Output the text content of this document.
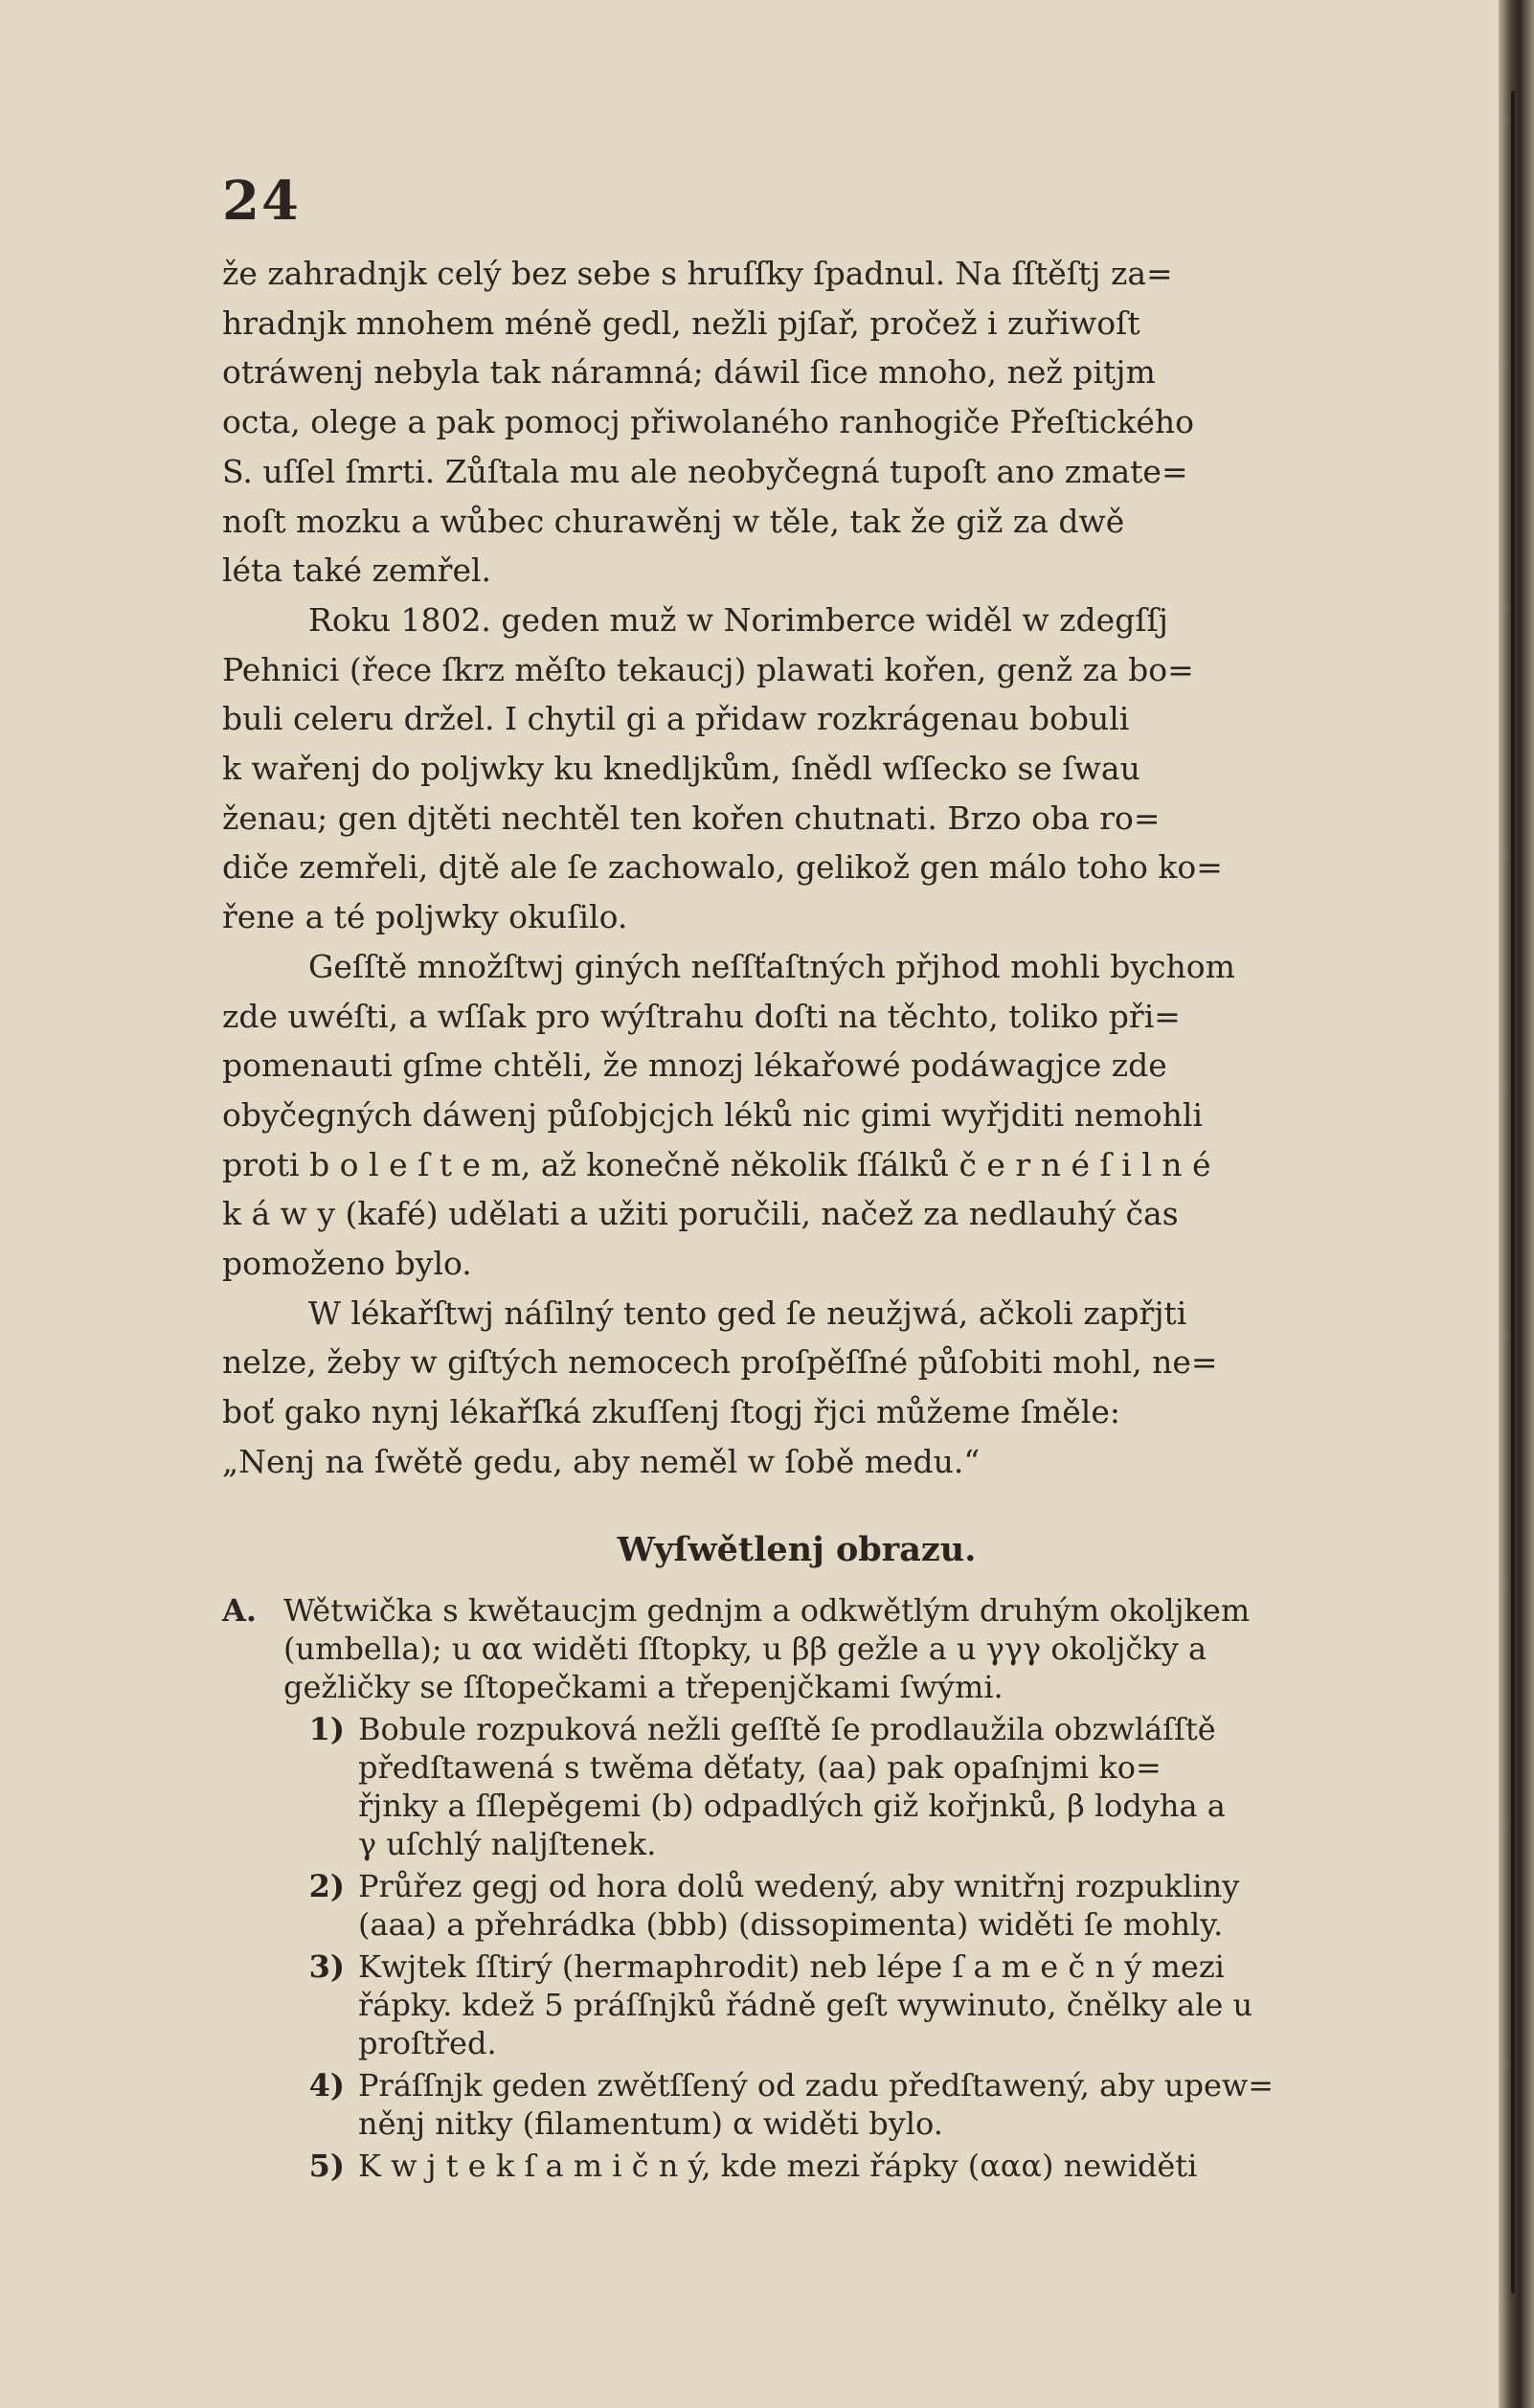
24

že zahradnjk celý bez sebe s hruſſky ſpadnul. Na ſſtěſtj za=
hradnjk mnohem méně gedl, nežli pjſař, pročež i zuřiwoſt
otráwenj nebyla tak náramná; dáwil ſice mnoho, než pitjm
octa, olege a pak pomocj přiwolaného ranhogiče Přeſtického
S. uſſel ſmrti. Zůſtala mu ale neobyčegná tupoſt ano zmate=
noſt mozku a wůbec churawěnj w těle, tak že giž za dwě
léta také zemřel.

Roku 1802. geden muž w Norimberce widěl w zdegſſj
Pehnici (řece ſkrz měſto tekaucj) plawati kořen, genž za bo=
buli celeru držel. I chytil gi a přidaw rozkrágenau bobuli
k wařenj do poljwky ku knedljkům, ſnědl wſſecko se ſwau
ženau; gen djtěti nechtěl ten kořen chutnati. Brzo oba ro=
diče zemřeli, djtě ale ſe zachowalo, gelikož gen málo toho ko=
řene a té poljwky okuſilo.

Geſſtě množſtwj giných neſſťaſtných přjhod mohli bychom
zde uwéſti, a wſſak pro wýſtrahu doſti na těchto, toliko při=
pomenauti gſme chtěli, že mnozj lékařowé podáwagjce zde
obyčegných dáwenj půſobjcjch léků nic gimi wyřjditi nemohli
proti b o l e ſ t e m, až konečně několik ſſálků č e r n é ſ i l n é
k á w y (kafé) udělati a užiti poručili, načež za nedlauhý čas
pomoženo bylo.

W lékařſtwj náſilný tento ged ſe neužjwá, ačkoli zapřjti
nelze, žeby w giſtých nemocech proſpěſſné půſobiti mohl, ne=
boť gako nynj lékařſká zkuſſenj ſtogj řjci můžeme ſměle:
„Nenj na ſwětě gedu, aby neměl w ſobě medu.“

Wyſwětlenj obrazu.
A. Wětwička s kwětaucjm gednjm a odkwětlým druhým okoljkem
(umbella); u αα widěti ſſtopky, u ββ gežle a u γγγ okoljčky a
gežličky se ſſtopečkami a třepenjčkami ſwými.
1) Bobule rozpuková nežli geſſtě ſe prodlaužila obzwláſſtě
předſtawená s twěma děťaty, (aa) pak opaſnjmi ko=
řjnky a ſſlepěgemi (b) odpadlých giž kořjnků, β lodyha a
γ uſchlý naljſtenek.
2) Průřez gegj od hora dolů wedený, aby wnitřnj rozpukliny
(aaa) a přehrádka (bbb) (dissopimenta) widěti ſe mohly.
3) Kwjtek ſſtirý (hermaphrodit) neb lépe ſ a m e č n ý mezi
řápky. kdež 5 práſſnjků řádně geſt wywinuto, čnělky ale u
proſtřed.
4) Práſſnjk geden zwětſſený od zadu předſtawený, aby upew=
něnj nitky (filamentum) α widěti bylo.
5) K w j t e k ſ a m i č n ý, kde mezi řápky (ααα) newiděti
